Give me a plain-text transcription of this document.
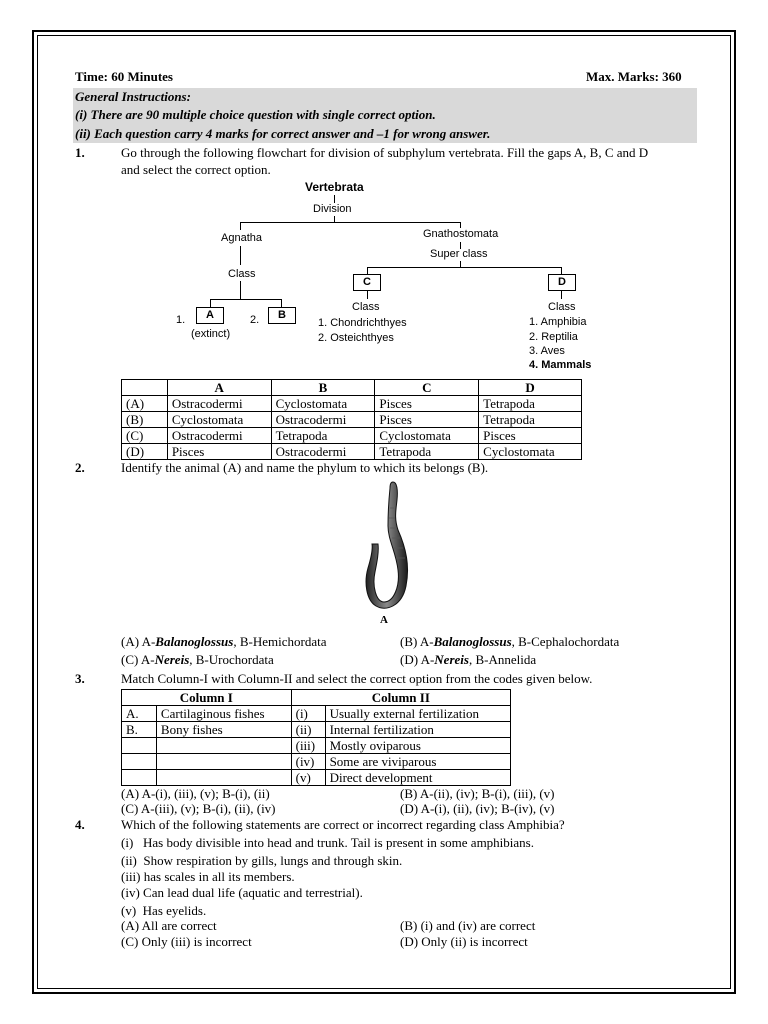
Time: 60 Minutes	Max. Marks: 360
General Instructions:
(i) There are 90 multiple choice question with single correct option.
(ii) Each question carry 4 marks for correct answer and –1 for wrong answer.
1.	Go through the following flowchart for division of subphylum vertebrata. Fill the gaps A, B, C and D
and select the correct option.
Vertebrata
Division
Agnatha	Gnathostomata
Super class
Class
C	D
Class	Class
1.	A	2.	B
(extinct)
1. Chondrichthyes
2. Osteichthyes
1. Amphibia
2. Reptilia
3. Aves
4. Mammals
	A	B	C	D
(A)	Ostracodermi	Cyclostomata	Pisces	Tetrapoda
(B)	Cyclostomata	Ostracodermi	Pisces	Tetrapoda
(C)	Ostracodermi	Tetrapoda	Cyclostomata	Pisces
(D)	Pisces	Ostracodermi	Tetrapoda	Cyclostomata
2.	Identify the animal (A) and name the phylum to which its belongs (B).
A
(A) A-Balanoglossus, B-Hemichordata	(B) A-Balanoglossus, B-Cephalochordata
(C) A-Nereis, B-Urochordata	(D) A-Nereis, B-Annelida
3.	Match Column-I with Column-II and select the correct option from the codes given below.
Column I		Column II	
A.	Cartilaginous fishes	(i)	Usually external fertilization
B.	Bony fishes	(ii)	Internal fertilization
		(iii)	Mostly oviparous
		(iv)	Some are viviparous
		(v)	Direct development
(A) A-(i), (iii), (v); B-(i), (ii)	(B) A-(ii), (iv); B-(i), (iii), (v)
(C) A-(iii), (v); B-(i), (ii), (iv)	(D) A-(i), (ii), (iv); B-(iv), (v)
4.	Which of the following statements are correct or incorrect regarding class Amphibia?
(i)   Has body divisible into head and trunk. Tail is present in some amphibians.
(ii)  Show respiration by gills, lungs and through skin.
(iii) has scales in all its members.
(iv) Can lead dual life (aquatic and terrestrial).
(v)  Has eyelids.
(A) All are correct	(B) (i) and (iv) are correct
(C) Only (iii) is incorrect	(D) Only (ii) is incorrect
